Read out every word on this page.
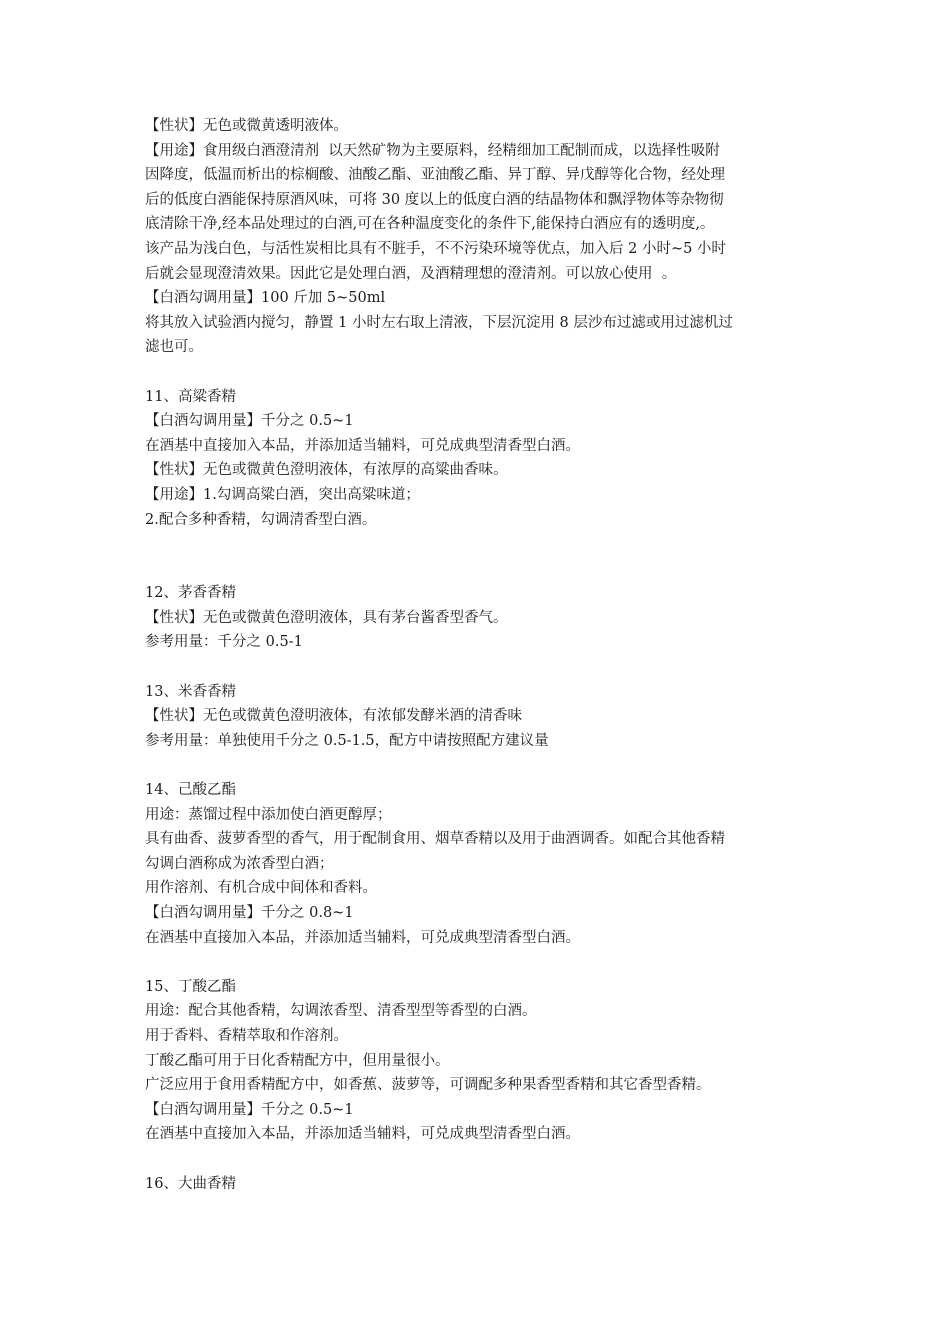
【性状】无色或微黄透明液体。
【用途】食用级白酒澄清剂  以天然矿物为主要原料，经精细加工配制而成，以选择性吸附
因降度，低温而析出的棕榈酸、油酸乙酯、亚油酸乙酯、异丁醇、异戊醇等化合物，经处理
后的低度白酒能保持原酒风味，可将 30 度以上的低度白酒的结晶物体和飘浮物体等杂物彻
底清除干净,经本品处理过的白酒,可在各种温度变化的条件下,能保持白酒应有的透明度,。
该产品为浅白色，与活性炭相比具有不脏手，不不污染环境等优点，加入后 2 小时~5 小时
后就会显现澄清效果。因此它是处理白酒，及酒精理想的澄清剂。可以放心使用  。
【白酒勾调用量】100 斤加 5~50ml
将其放入试验酒内搅匀，静置 1 小时左右取上清液，下层沉淀用 8 层沙布过滤或用过滤机过
滤也可。
11、高粱香精
【白酒勾调用量】千分之 0.5~1
在酒基中直接加入本品，并添加适当辅料，可兑成典型清香型白酒。
【性状】无色或微黄色澄明液体，有浓厚的高粱曲香味。
【用途】1.勾调高粱白酒，突出高粱味道；
2.配合多种香精，勾调清香型白酒。
12、茅香香精
【性状】无色或微黄色澄明液体，具有茅台酱香型香气。
参考用量：千分之 0.5-1
13、米香香精
【性状】无色或微黄色澄明液体，有浓郁发酵米酒的清香味
参考用量：单独使用千分之 0.5-1.5，配方中请按照配方建议量
14、己酸乙酯
用途：蒸馏过程中添加使白酒更醇厚；
具有曲香、菠萝香型的香气，用于配制食用、烟草香精以及用于曲酒调香。如配合其他香精
勾调白酒称成为浓香型白酒；
用作溶剂、有机合成中间体和香料。
【白酒勾调用量】千分之 0.8~1
在酒基中直接加入本品，并添加适当辅料，可兑成典型清香型白酒。
15、丁酸乙酯
用途：配合其他香精，勾调浓香型、清香型型等香型的白酒。
用于香料、香精萃取和作溶剂。
丁酸乙酯可用于日化香精配方中，但用量很小。
广泛应用于食用香精配方中，如香蕉、菠萝等，可调配多种果香型香精和其它香型香精。
【白酒勾调用量】千分之 0.5~1
在酒基中直接加入本品，并添加适当辅料，可兑成典型清香型白酒。
16、大曲香精
